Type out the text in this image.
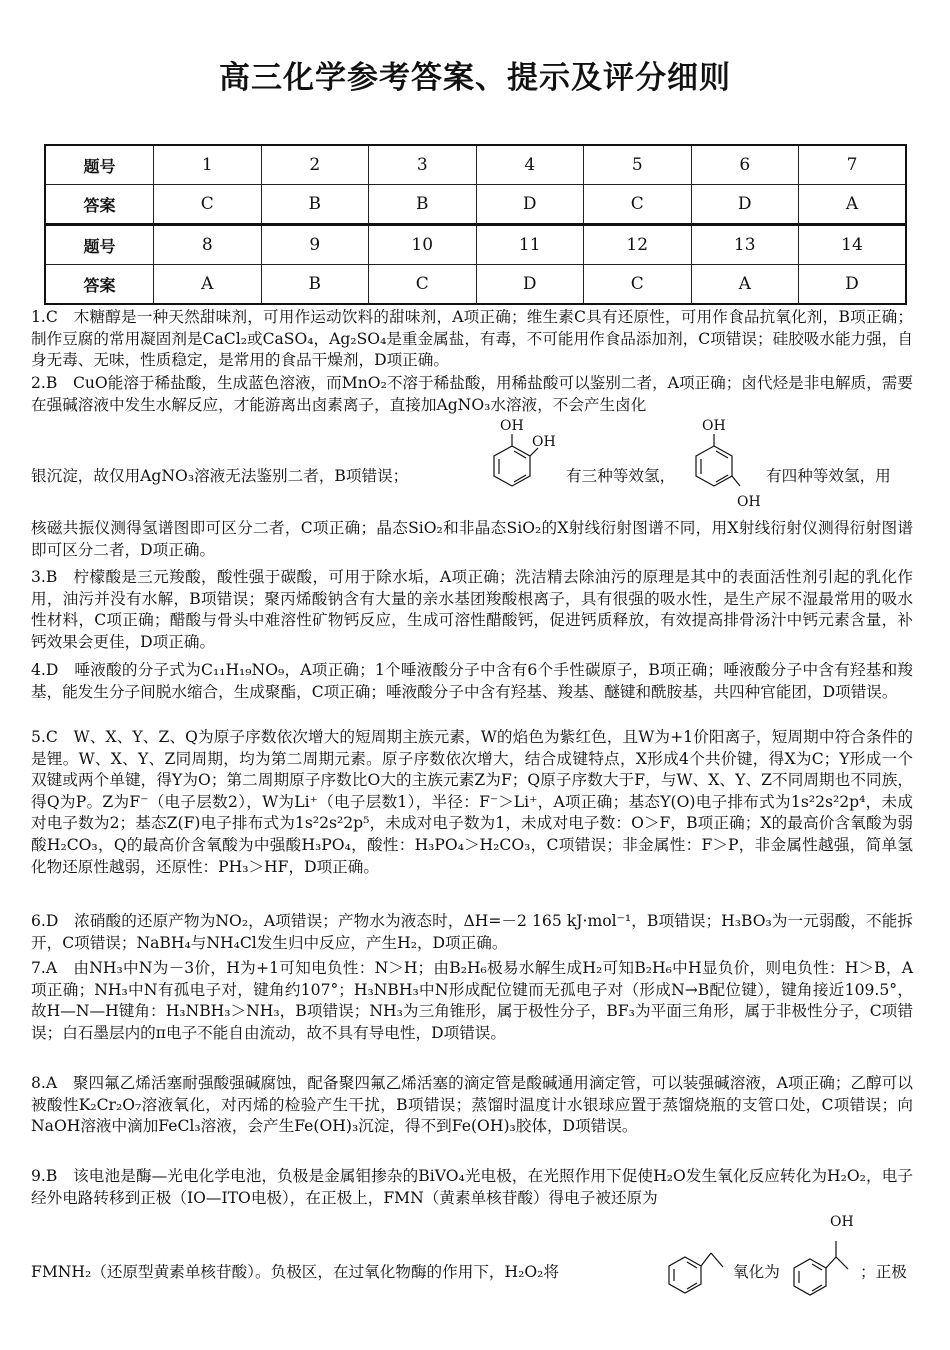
高三化学参考答案、提示及评分细则
题号	1	2	3	4	5	6	7
答案	C	B	B	D	C	D	A
题号	8	9	10	11	12	13	14
答案	A	B	C	D	C	A	D

1.C　木糖醇是一种天然甜味剂，可用作运动饮料的甜味剂，A项正确；维生素C具有还原性，可用作食品抗氧化剂，B项正确；制作豆腐的常用凝固剂是CaCl₂或CaSO₄，Ag₂SO₄是重金属盐，有毒，不可能用作食品添加剂，C项错误；硅胶吸水能力强，自身无毒、无味，性质稳定，是常用的食品干燥剂，D项正确。

2.B　CuO能溶于稀盐酸，生成蓝色溶液，而MnO₂不溶于稀盐酸，用稀盐酸可以鉴别二者，A项正确；卤代烃是非电解质，需要在强碱溶液中发生水解反应，才能游离出卤素离子，直接加AgNO₃水溶液，不会产生卤化

银沉淀，故仅用AgNO₃溶液无法鉴别二者，B项错误；
OH
OH
有三种等效氢，
OH
OH
有四种等效氢，用

核磁共振仪测得氢谱图即可区分二者，C项正确；晶态SiO₂和非晶态SiO₂的X射线衍射图谱不同，用X射线衍射仪测得衍射图谱即可区分二者，D项正确。

3.B　柠檬酸是三元羧酸，酸性强于碳酸，可用于除水垢，A项正确；洗洁精去除油污的原理是其中的表面活性剂引起的乳化作用，油污并没有水解，B项错误；聚丙烯酸钠含有大量的亲水基团羧酸根离子，具有很强的吸水性，是生产尿不湿最常用的吸水性材料，C项正确；醋酸与骨头中难溶性矿物钙反应，生成可溶性醋酸钙，促进钙质释放，有效提高排骨汤汁中钙元素含量，补钙效果会更佳，D项正确。

4.D　唾液酸的分子式为C₁₁H₁₉NO₉，A项正确；1个唾液酸分子中含有6个手性碳原子，B项正确；唾液酸分子中含有羟基和羧基，能发生分子间脱水缩合，生成聚酯，C项正确；唾液酸分子中含有羟基、羧基、醚键和酰胺基，共四种官能团，D项错误。

5.C　W、X、Y、Z、Q为原子序数依次增大的短周期主族元素，W的焰色为紫红色，且W为+1价阳离子，短周期中符合条件的是锂。W、X、Y、Z同周期，均为第二周期元素。原子序数依次增大，结合成键特点，X形成4个共价键，得X为C；Y形成一个双键或两个单键，得Y为O；第二周期原子序数比O大的主族元素Z为F；Q原子序数大于F，与W、X、Y、Z不同周期也不同族，得Q为P。Z为F⁻（电子层数2），W为Li⁺（电子层数1），半径：F⁻＞Li⁺，A项正确；基态Y(O)电子排布式为1s²2s²2p⁴，未成对电子数为2；基态Z(F)电子排布式为1s²2s²2p⁵，未成对电子数为1，未成对电子数：O＞F，B项正确；X的最高价含氧酸为弱酸H₂CO₃，Q的最高价含氧酸为中强酸H₃PO₄，酸性：H₃PO₄＞H₂CO₃，C项错误；非金属性：F＞P，非金属性越强，简单氢化物还原性越弱，还原性：PH₃＞HF，D项正确。

6.D　浓硝酸的还原产物为NO₂，A项错误；产物水为液态时，ΔH=－2 165 kJ·mol⁻¹，B项错误；H₃BO₃为一元弱酸，不能拆开，C项错误；NaBH₄与NH₄Cl发生归中反应，产生H₂，D项正确。

7.A　由NH₃中N为－3价，H为+1可知电负性：N＞H；由B₂H₆极易水解生成H₂可知B₂H₆中H显负价，则电负性：H＞B，A项正确；NH₃中N有孤电子对，键角约107°；H₃NBH₃中N形成配位键而无孤电子对（形成N→B配位键），键角接近109.5°，故H—N—H键角：H₃NBH₃＞NH₃，B项错误；NH₃为三角锥形，属于极性分子，BF₃为平面三角形，属于非极性分子，C项错误；白石墨层内的π电子不能自由流动，故不具有导电性，D项错误。

8.A　聚四氟乙烯活塞耐强酸强碱腐蚀，配备聚四氟乙烯活塞的滴定管是酸碱通用滴定管，可以装强碱溶液，A项正确；乙醇可以被酸性K₂Cr₂O₇溶液氧化，对丙烯的检验产生干扰，B项错误；蒸馏时温度计水银球应置于蒸馏烧瓶的支管口处，C项错误；向NaOH溶液中滴加FeCl₃溶液，会产生Fe(OH)₃沉淀，得不到Fe(OH)₃胶体，D项错误。

9.B　该电池是酶—光电化学电池，负极是金属钼掺杂的BiVO₄光电极，在光照作用下促使H₂O发生氧化反应转化为H₂O₂，电子经外电路转移到正极（IO—ITO电极），在正极上，FMN（黄素单核苷酸）得电子被还原为

FMNH₂（还原型黄素单核苷酸）。负极区，在过氧化物酶的作用下，H₂O₂将	氧化为
OH
；正极
